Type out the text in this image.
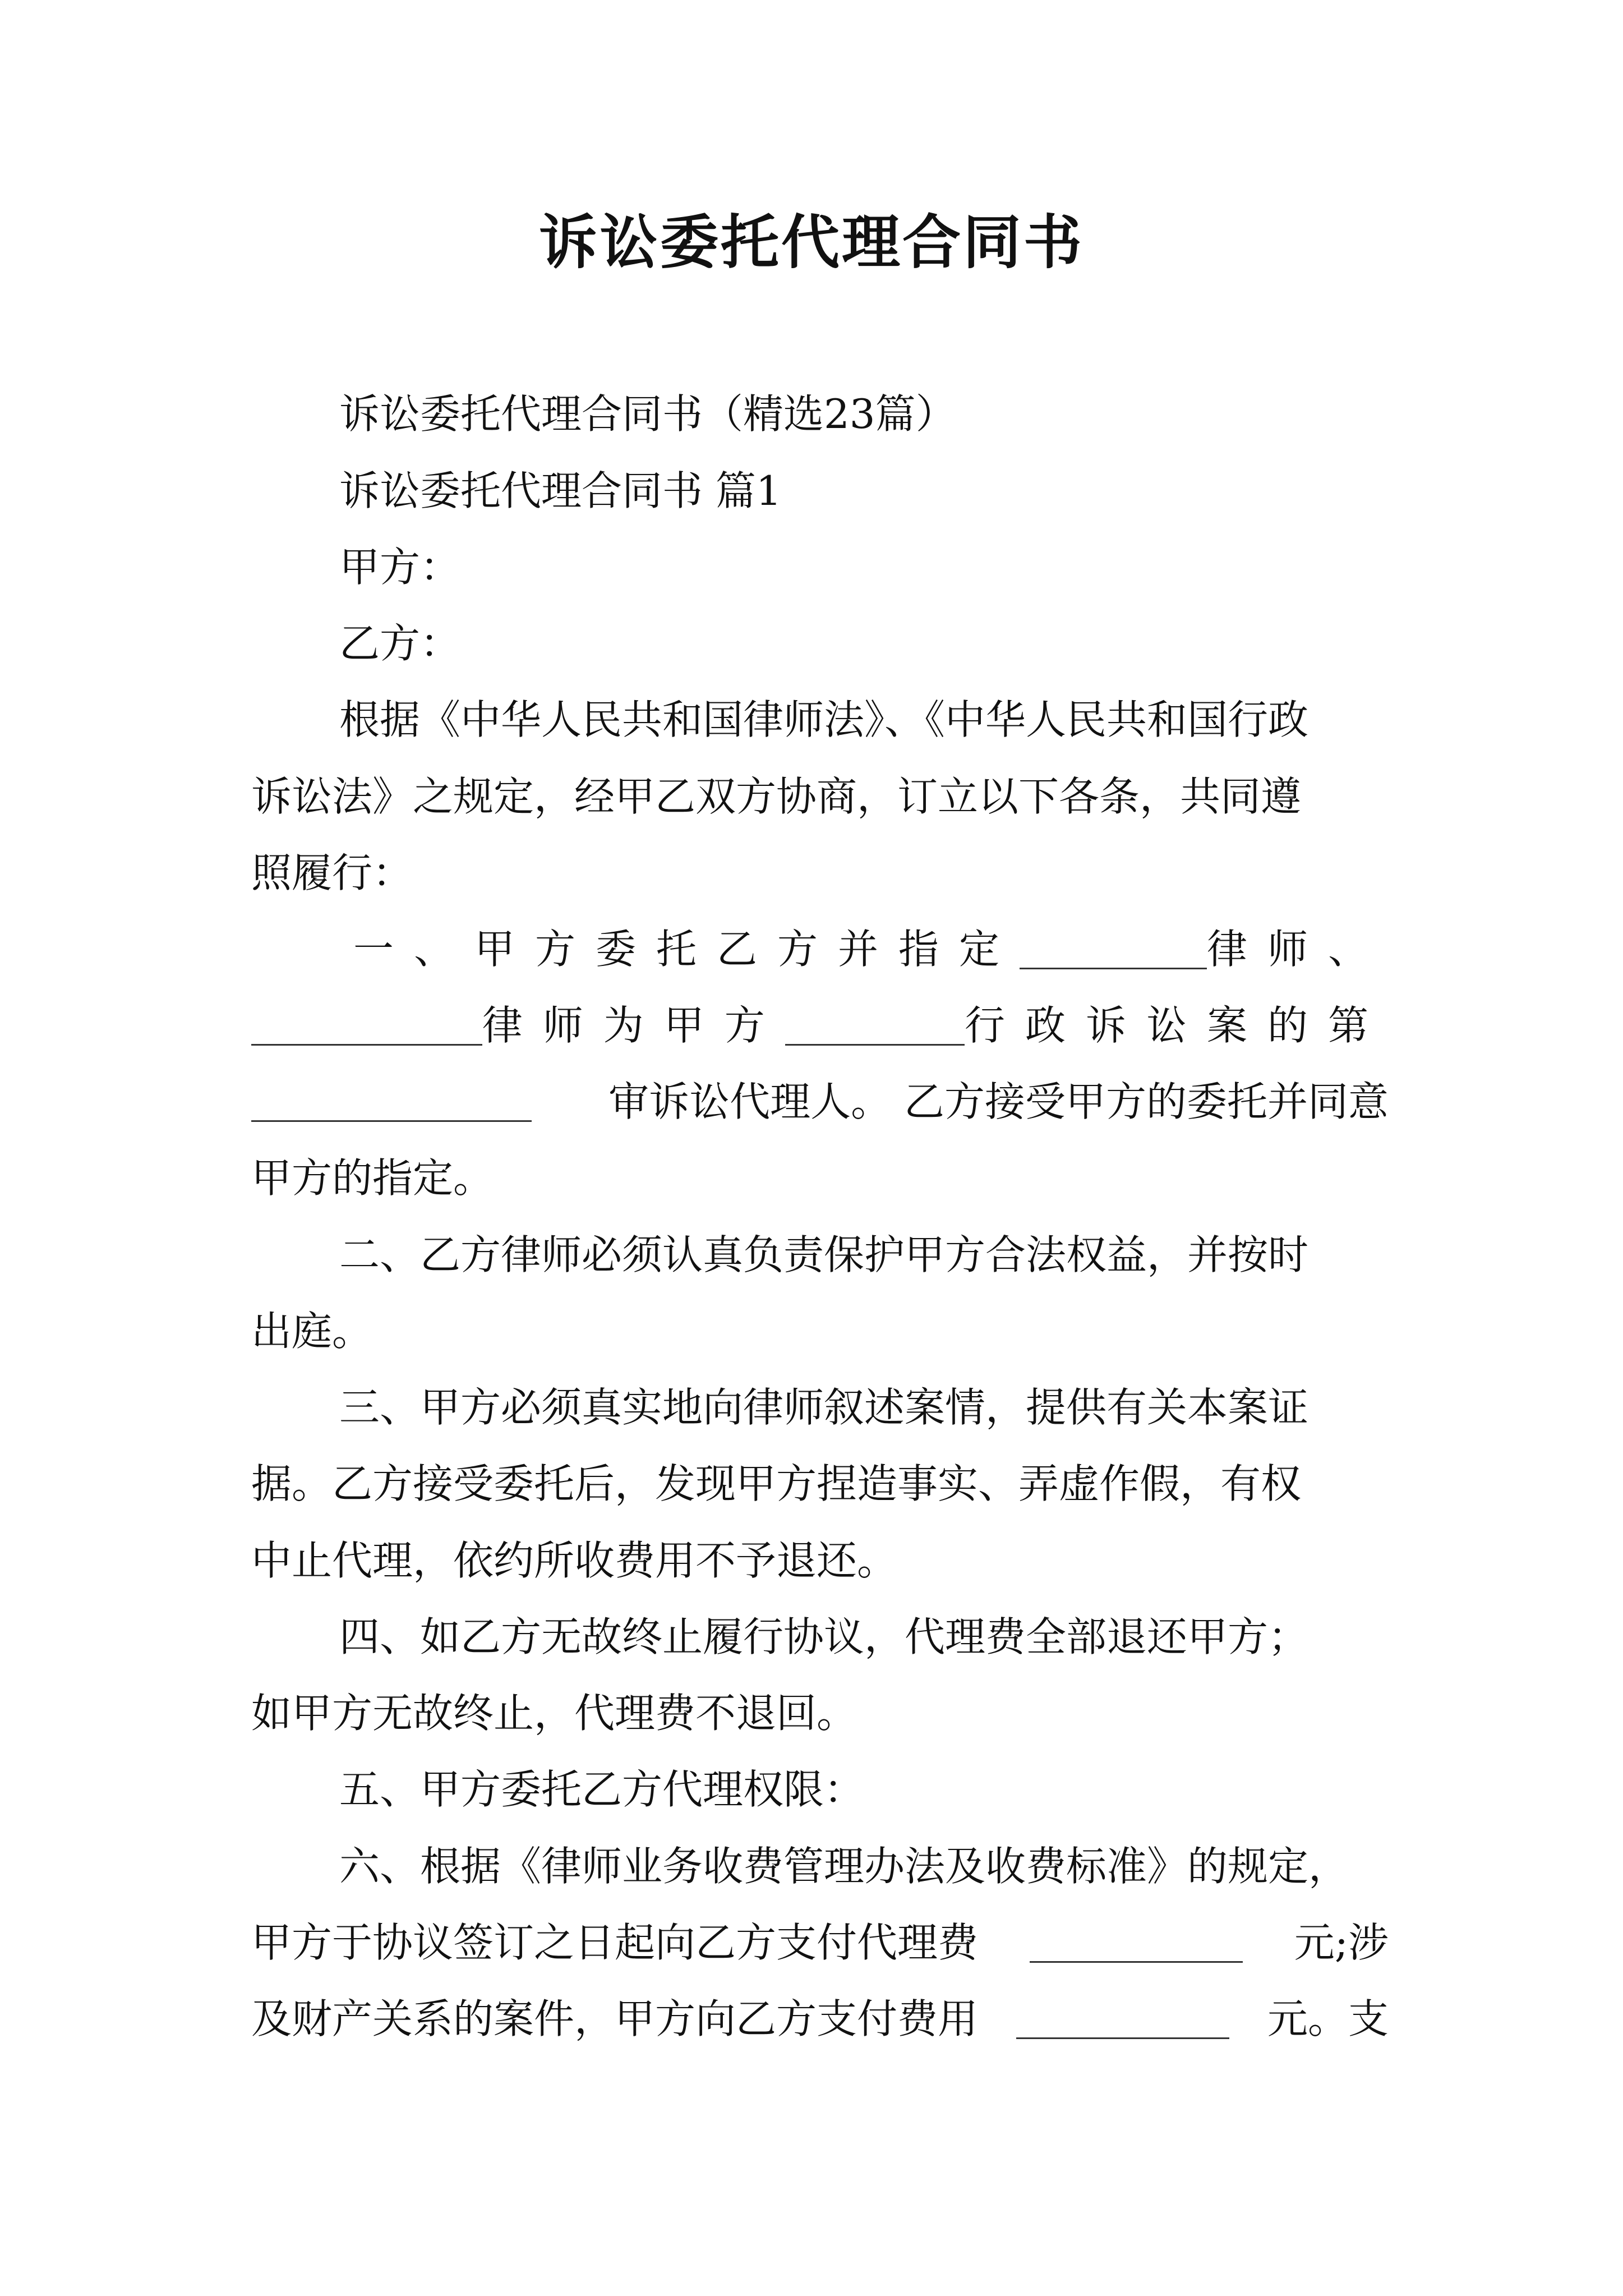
诉讼委托代理合同书
诉讼委托代理合同书（精选23篇）
诉讼委托代理合同书 篇1
甲方：
乙方：
根据《中华人民共和国律师法》、《中华人民共和国行政
诉讼法》之规定，经甲乙双方协商，订立以下各条，共同遵
照履行：
一、甲方委托乙方并指定	律师、
律师为甲方	行政诉讼案的第
审诉讼代理人。 乙方接受甲方的委托并同意
甲方的指定。
二、乙方律师必须认真负责保护甲方合法权益，并按时
出庭。
三、甲方必须真实地向律师叙述案情，提供有关本案证
据。乙方接受委托后，发现甲方捏造事实、弄虚作假，有权
中止代理，依约所收费用不予退还。
四、如乙方无故终止履行协议，代理费全部退还甲方；
如甲方无故终止，代理费不退回。
五、甲方委托乙方代理权限：
六、根据《律师业务收费管理办法及收费标准》的规定，
甲方于协议签订之日起向乙方支付代理费	元;涉
及财产关系的案件，甲方向乙方支付费用	元。支
